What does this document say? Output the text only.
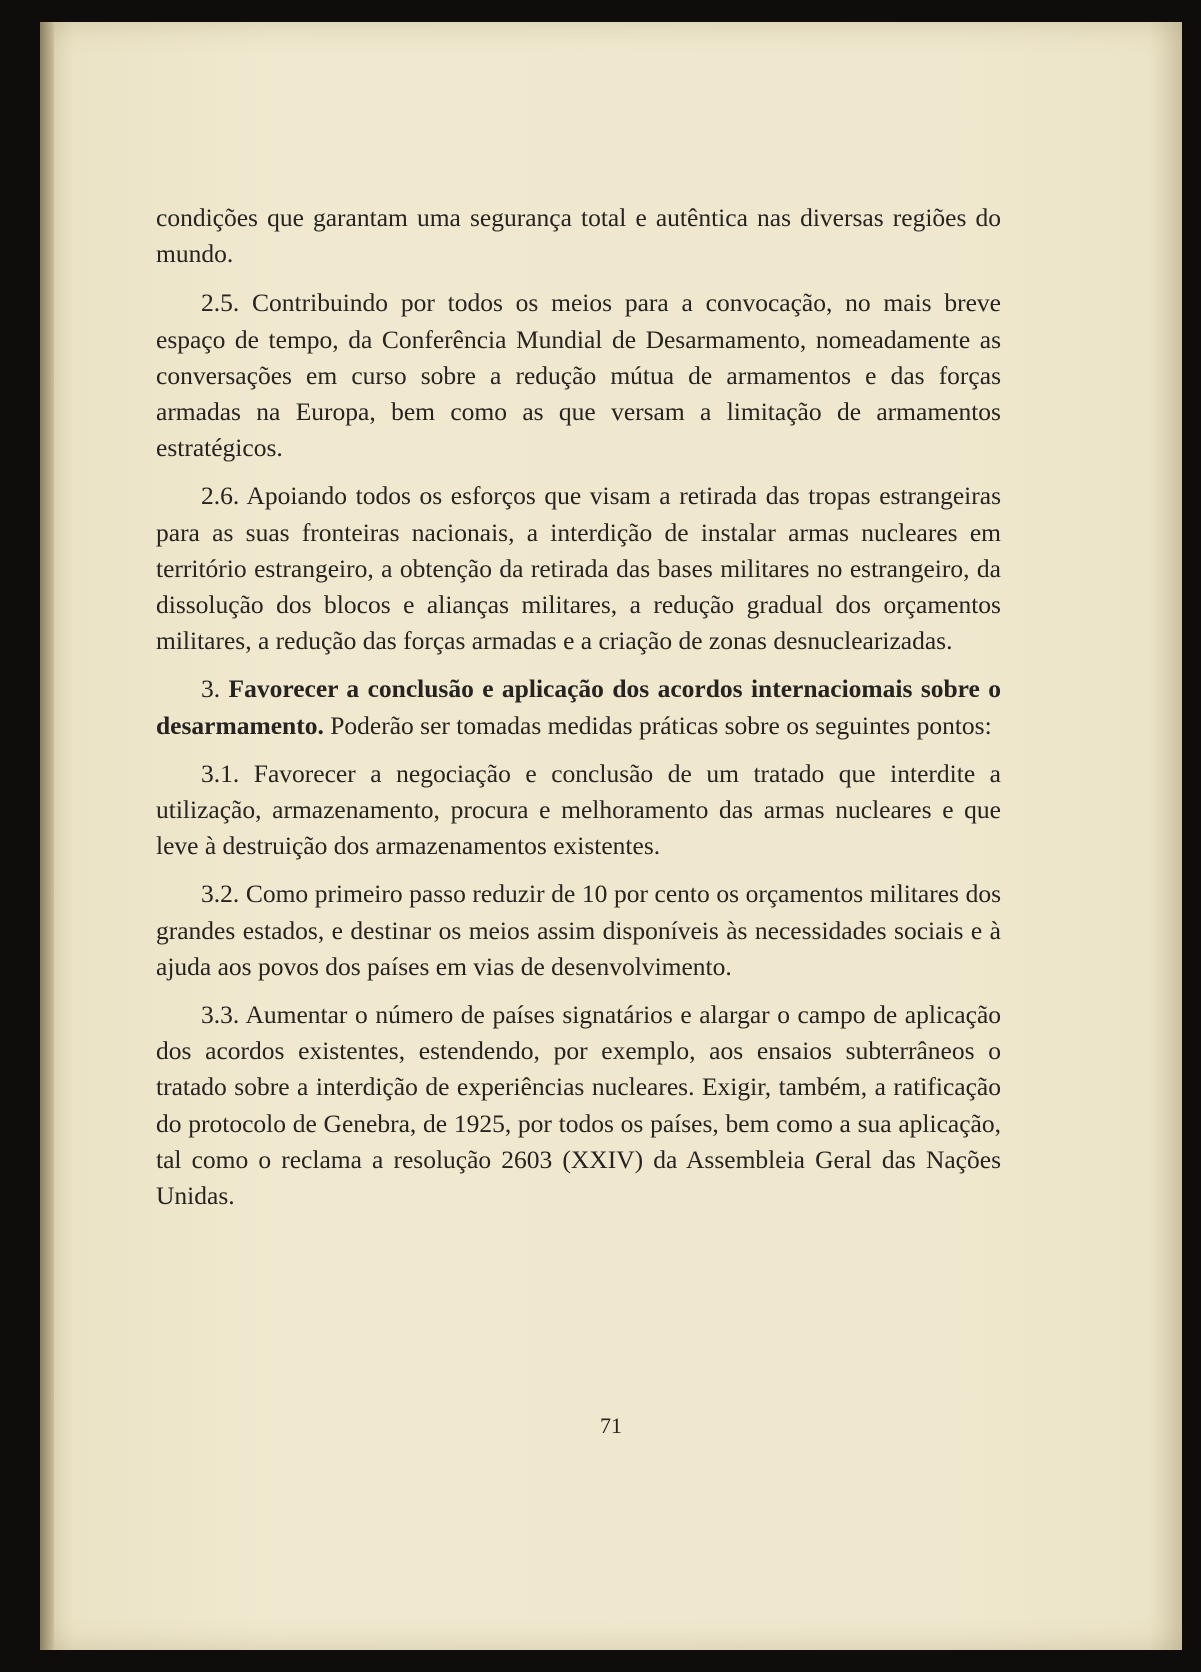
condições que garantam uma segurança total e autêntica nas diversas regiões do mundo.

2.5. Contribuindo por todos os meios para a convocação, no mais breve espaço de tempo, da Conferência Mundial de Desarmamento, nomeadamente as conversações em curso sobre a redução mútua de armamentos e das forças armadas na Europa, bem como as que versam a limitação de armamentos estratégicos.

2.6. Apoiando todos os esforços que visam a retirada das tropas estrangeiras para as suas fronteiras nacionais, a interdição de instalar armas nucleares em território estrangeiro, a obtenção da retirada das bases militares no estrangeiro, da dissolução dos blocos e alianças militares, a redução gradual dos orçamentos militares, a redução das forças armadas e a criação de zonas desnuclearizadas.

3. Favorecer a conclusão e aplicação dos acordos internaciomais sobre o desarmamento. Poderão ser tomadas medidas práticas sobre os seguintes pontos:

3.1. Favorecer a negociação e conclusão de um tratado que interdite a utilização, armazenamento, procura e melhoramento das armas nucleares e que leve à destruição dos armazenamentos existentes.

3.2. Como primeiro passo reduzir de 10 por cento os orçamentos militares dos grandes estados, e destinar os meios assim disponíveis às necessidades sociais e à ajuda aos povos dos países em vias de desenvolvimento.

3.3. Aumentar o número de países signatários e alargar o campo de aplicação dos acordos existentes, estendendo, por exemplo, aos ensaios subterrâneos o tratado sobre a interdição de experiências nucleares. Exigir, também, a ratificação do protocolo de Genebra, de 1925, por todos os países, bem como a sua aplicação, tal como o reclama a resolução 2603 (XXIV) da Assembleia Geral das Nações Unidas.

71
